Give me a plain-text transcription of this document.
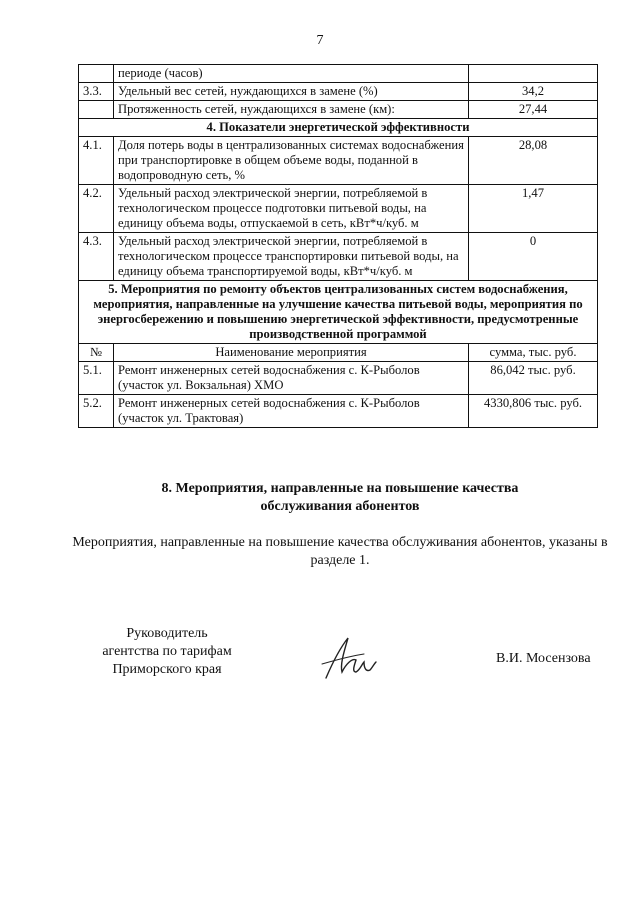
7
	периоде (часов)	
3.3.	Удельный вес сетей, нуждающихся в замене (%)	34,2
	Протяженность сетей, нуждающихся в замене (км):	27,44
4. Показатели энергетической эффективности		
4.1.	Доля потерь воды в централизованных системах водоснабжения при транспортировке в общем объеме воды, поданной в водопроводную сеть, %	28,08
4.2.	Удельный расход электрической энергии, потребляемой в технологическом процессе подготовки питьевой воды, на единицу объема воды, отпускаемой в сеть, кВт*ч/куб. м	1,47
4.3.	Удельный расход электрической энергии, потребляемой в технологическом процессе транспортировки питьевой воды, на единицу объема транспортируемой воды, кВт*ч/куб. м	0
5. Мероприятия по ремонту объектов централизованных систем водоснабжения, мероприятия, направленные на улучшение качества питьевой воды, мероприятия по энергосбережению и повышению энергетической эффективности, предусмотренные производственной программой		
№	Наименование мероприятия	сумма, тыс. руб.
5.1.	Ремонт инженерных сетей водоснабжения с. К-Рыболов (участок ул. Вокзальная) ХМО	86,042 тыс. руб.
5.2.	Ремонт инженерных сетей водоснабжения с. К-Рыболов (участок ул. Трактовая)	4330,806 тыс. руб.
8. Мероприятия, направленные на повышение качества обслуживания абонентов
Мероприятия, направленные на повышение качества обслуживания абонентов, указаны в разделе 1.
Руководитель
агентства по тарифам
Приморского края
В.И. Мосензова
